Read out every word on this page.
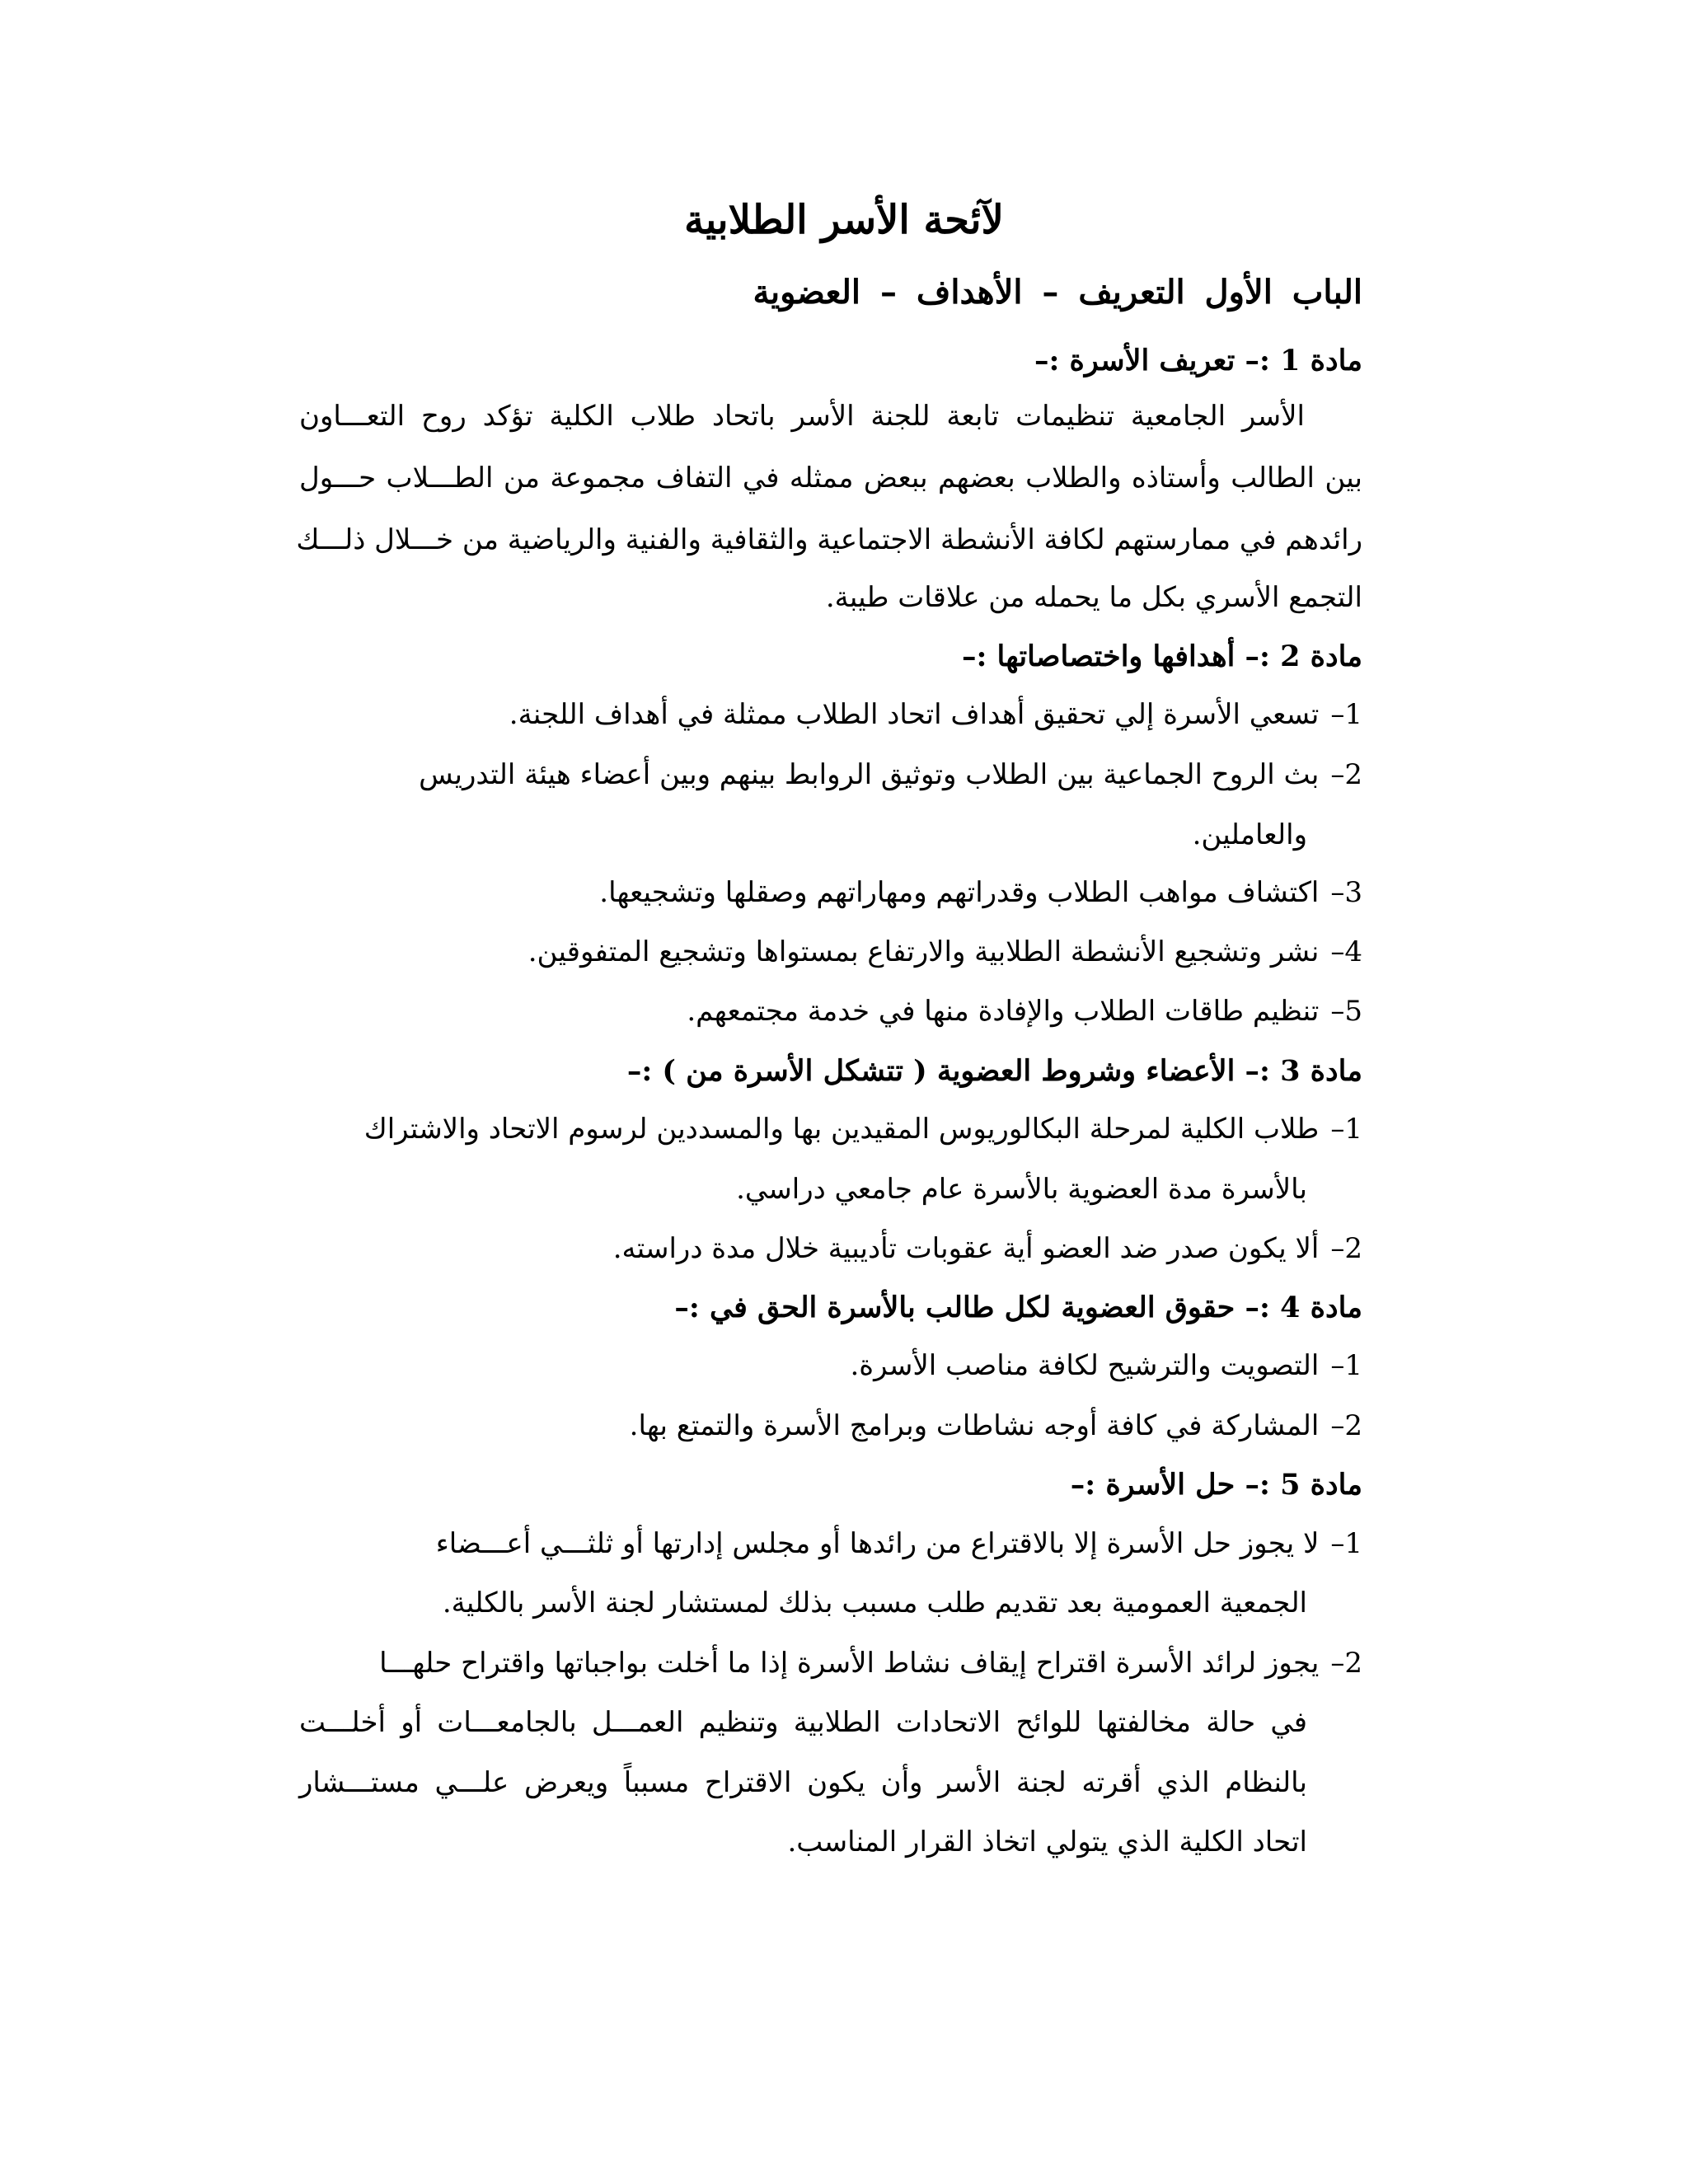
لآئحة الأسر الطلابية
الباب الأول التعريف – الأهداف – العضوية
مادة 1 :– تعريف الأسرة :–
الأسر الجامعية تنظيمات تابعة للجنة الأسر باتحاد طلاب الكلية تؤكد روح التعـــاون
بين الطالب وأستاذه والطلاب بعضهم ببعض ممثله في التفاف مجموعة من الطـــلاب حـــول
رائدهم في ممارستهم لكافة الأنشطة الاجتماعية والثقافية والفنية والرياضية من خـــلال ذلـــك
التجمع الأسري بكل ما يحمله من علاقات طيبة.
مادة 2 :– أهدافها واختصاصاتها :–
1–تسعي الأسرة إلي تحقيق أهداف اتحاد الطلاب ممثلة في أهداف اللجنة.
2–بث الروح الجماعية بين الطلاب وتوثيق الروابط بينهم وبين أعضاء هيئة التدريس
والعاملين.
3–اكتشاف مواهب الطلاب وقدراتهم ومهاراتهم وصقلها وتشجيعها.
4–نشر وتشجيع الأنشطة الطلابية والارتفاع بمستواها وتشجيع المتفوقين.
5–تنظيم طاقات الطلاب والإفادة منها في خدمة مجتمعهم.
مادة 3 :– الأعضاء وشروط العضوية ( تتشكل الأسرة من ) :–
1–طلاب الكلية لمرحلة البكالوريوس المقيدين بها والمسددين لرسوم الاتحاد والاشتراك
بالأسرة مدة العضوية بالأسرة عام جامعي دراسي.
2–ألا يكون صدر ضد العضو أية عقوبات تأديبية خلال مدة دراسته.
مادة 4 :– حقوق العضوية لكل طالب بالأسرة الحق في :–
1–التصويت والترشيح لكافة مناصب الأسرة.
2–المشاركة في كافة أوجه نشاطات وبرامج الأسرة والتمتع بها.
مادة 5 :– حل الأسرة :–
1–لا يجوز حل الأسرة إلا بالاقتراع من رائدها أو مجلس إدارتها أو ثلثـــي أعـــضاء
الجمعية العمومية بعد تقديم طلب مسبب بذلك لمستشار لجنة الأسر بالكلية.
2–يجوز لرائد الأسرة اقتراح إيقاف نشاط الأسرة إذا ما أخلت بواجباتها واقتراح حلهـــا
في حالة مخالفتها للوائح الاتحادات الطلابية وتنظيم العمـــل بالجامعـــات أو أخلـــت
بالنظام الذي أقرته لجنة الأسر وأن يكون الاقتراح مسبباً ويعرض علـــي مستـــشار
اتحاد الكلية الذي يتولي اتخاذ القرار المناسب.
